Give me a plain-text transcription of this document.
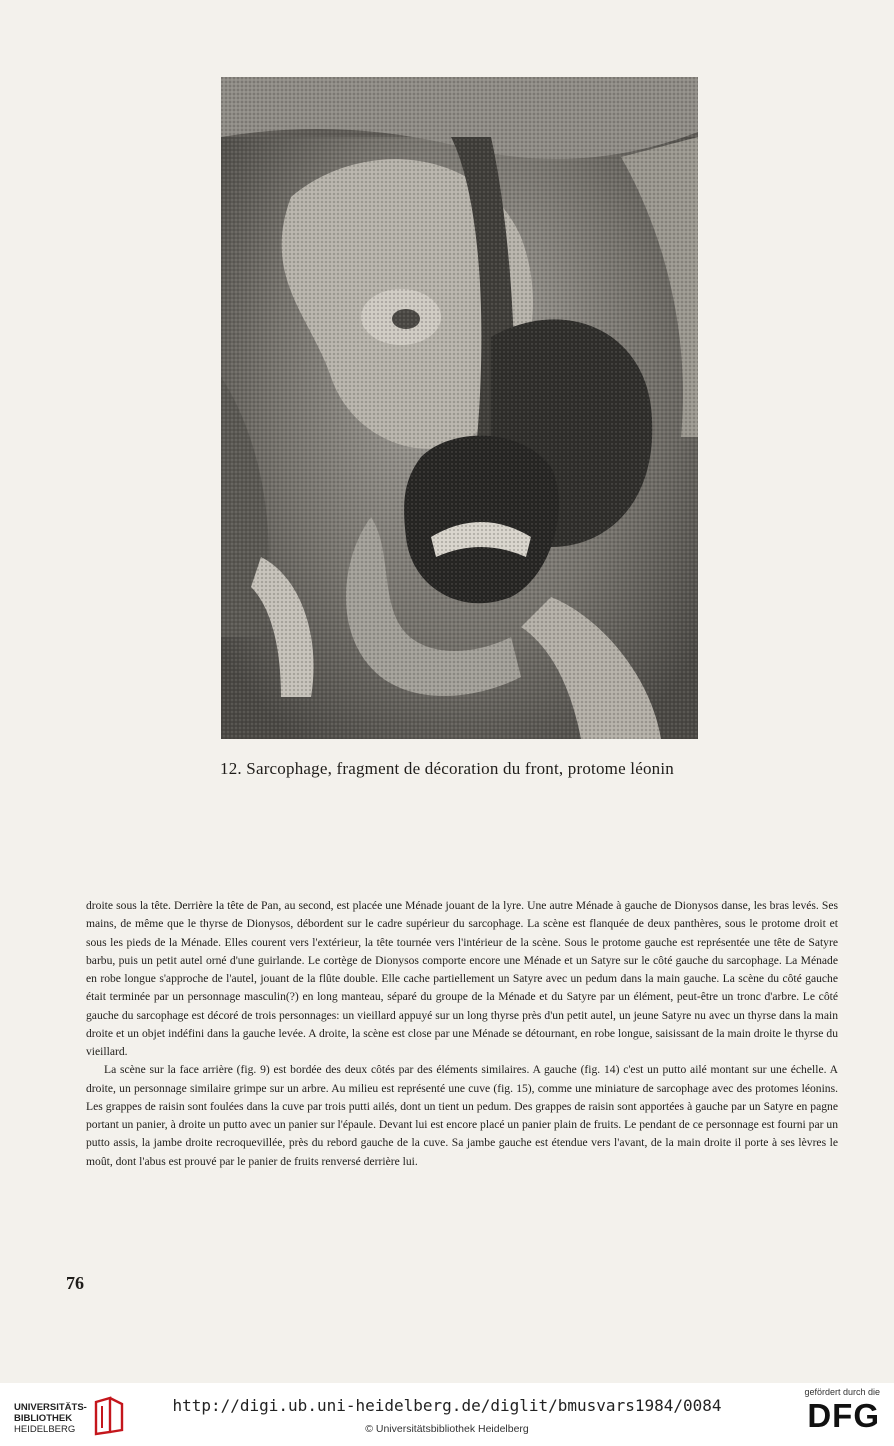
12. Sarcophage, fragment de décoration du front, protome léonin

droite sous la tête. Derrière la tête de Pan, au second, est placée une Ménade jouant de la lyre. Une autre Ménade à gauche de Dionysos danse, les bras levés. Ses mains, de même que le thyrse de Dionysos, débordent sur le cadre supérieur du sarcophage. La scène est flanquée de deux panthères, sous le protome droit et sous les pieds de la Ménade. Elles courent vers l'extérieur, la tête tournée vers l'intérieur de la scène. Sous le protome gauche est représentée une tête de Satyre barbu, puis un petit autel orné d'une guirlande. Le cortège de Dionysos comporte encore une Ménade et un Satyre sur le côté gauche du sarcophage. La Ménade en robe longue s'approche de l'autel, jouant de la flûte double. Elle cache partiellement un Satyre avec un pedum dans la main gauche. La scène du côté gauche était terminée par un personnage masculin(?) en long manteau, séparé du groupe de la Ménade et du Satyre par un élément, peut-être un tronc d'arbre. Le côté gauche du sarcophage est décoré de trois personnages: un vieillard appuyé sur un long thyrse près d'un petit autel, un jeune Satyre nu avec un thyrse dans la main droite et un objet indéfini dans la gauche levée. A droite, la scène est close par une Ménade se détournant, en robe longue, saisissant de la main droite le thyrse du vieillard.

La scène sur la face arrière (fig. 9) est bordée des deux côtés par des éléments similaires. A gauche (fig. 14) c'est un putto ailé montant sur une échelle. A droite, un personnage similaire grimpe sur un arbre. Au milieu est représenté une cuve (fig. 15), comme une miniature de sarcophage avec des protomes léonins. Les grappes de raisin sont foulées dans la cuve par trois putti ailés, dont un tient un pedum. Des grappes de raisin sont apportées à gauche par un Satyre en pagne portant un panier, à droite un putto avec un panier sur l'épaule. Devant lui est encore placé un panier plain de fruits. Le pendant de ce personnage est fourni par un putto assis, la jambe droite recroquevillée, près du rebord gauche de la cuve. Sa jambe gauche est étendue vers l'avant, de la main droite il porte à ses lèvres le moût, dont l'abus est prouvé par le panier de fruits renversé derrière lui.

76
UNIVERSITÄTS-
BIBLIOTHEK
HEIDELBERG
http://digi.ub.uni-heidelberg.de/diglit/bmusvars1984/0084
© Universitätsbibliothek Heidelberg
gefördert durch die
DFG
